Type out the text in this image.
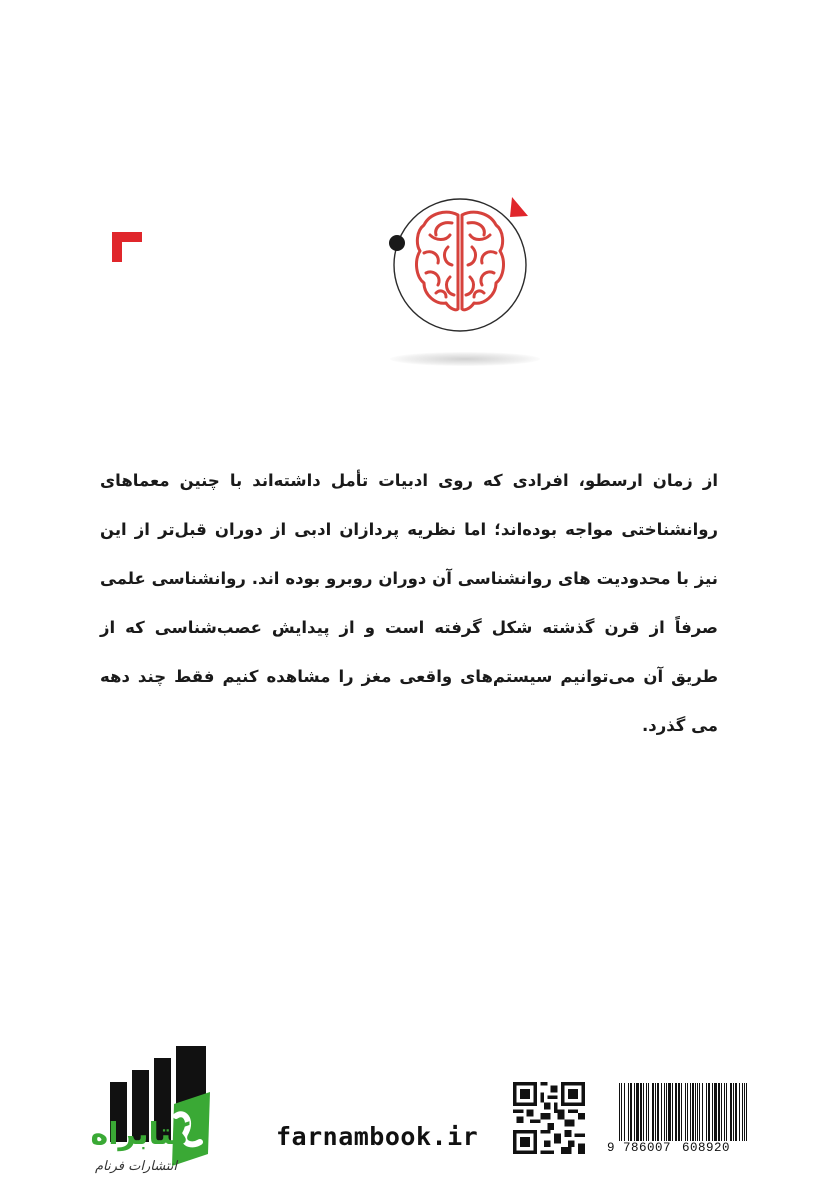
از زمان ارسطو، افرادی که روی ادبیات تأمل داشته‌اند با چنین معماهای روانشناختی مواجه بوده‌اند؛ اما نظریه پردازان ادبی از دوران قبل‌تر از این نیز با محدودیت های روانشناسی آن دوران روبرو بوده اند. روانشناسی علمی صرفاً از قرن گذشته شکل گرفته است و از پیدایش عصب‌شناسی که از طریق آن می‌توانیم سیستم‌های واقعی مغز را مشاهده کنیم فقط چند دهه می گذرد.

کتابراه
انتشارات فرنام
farnambook.ir	9 786007 608920
